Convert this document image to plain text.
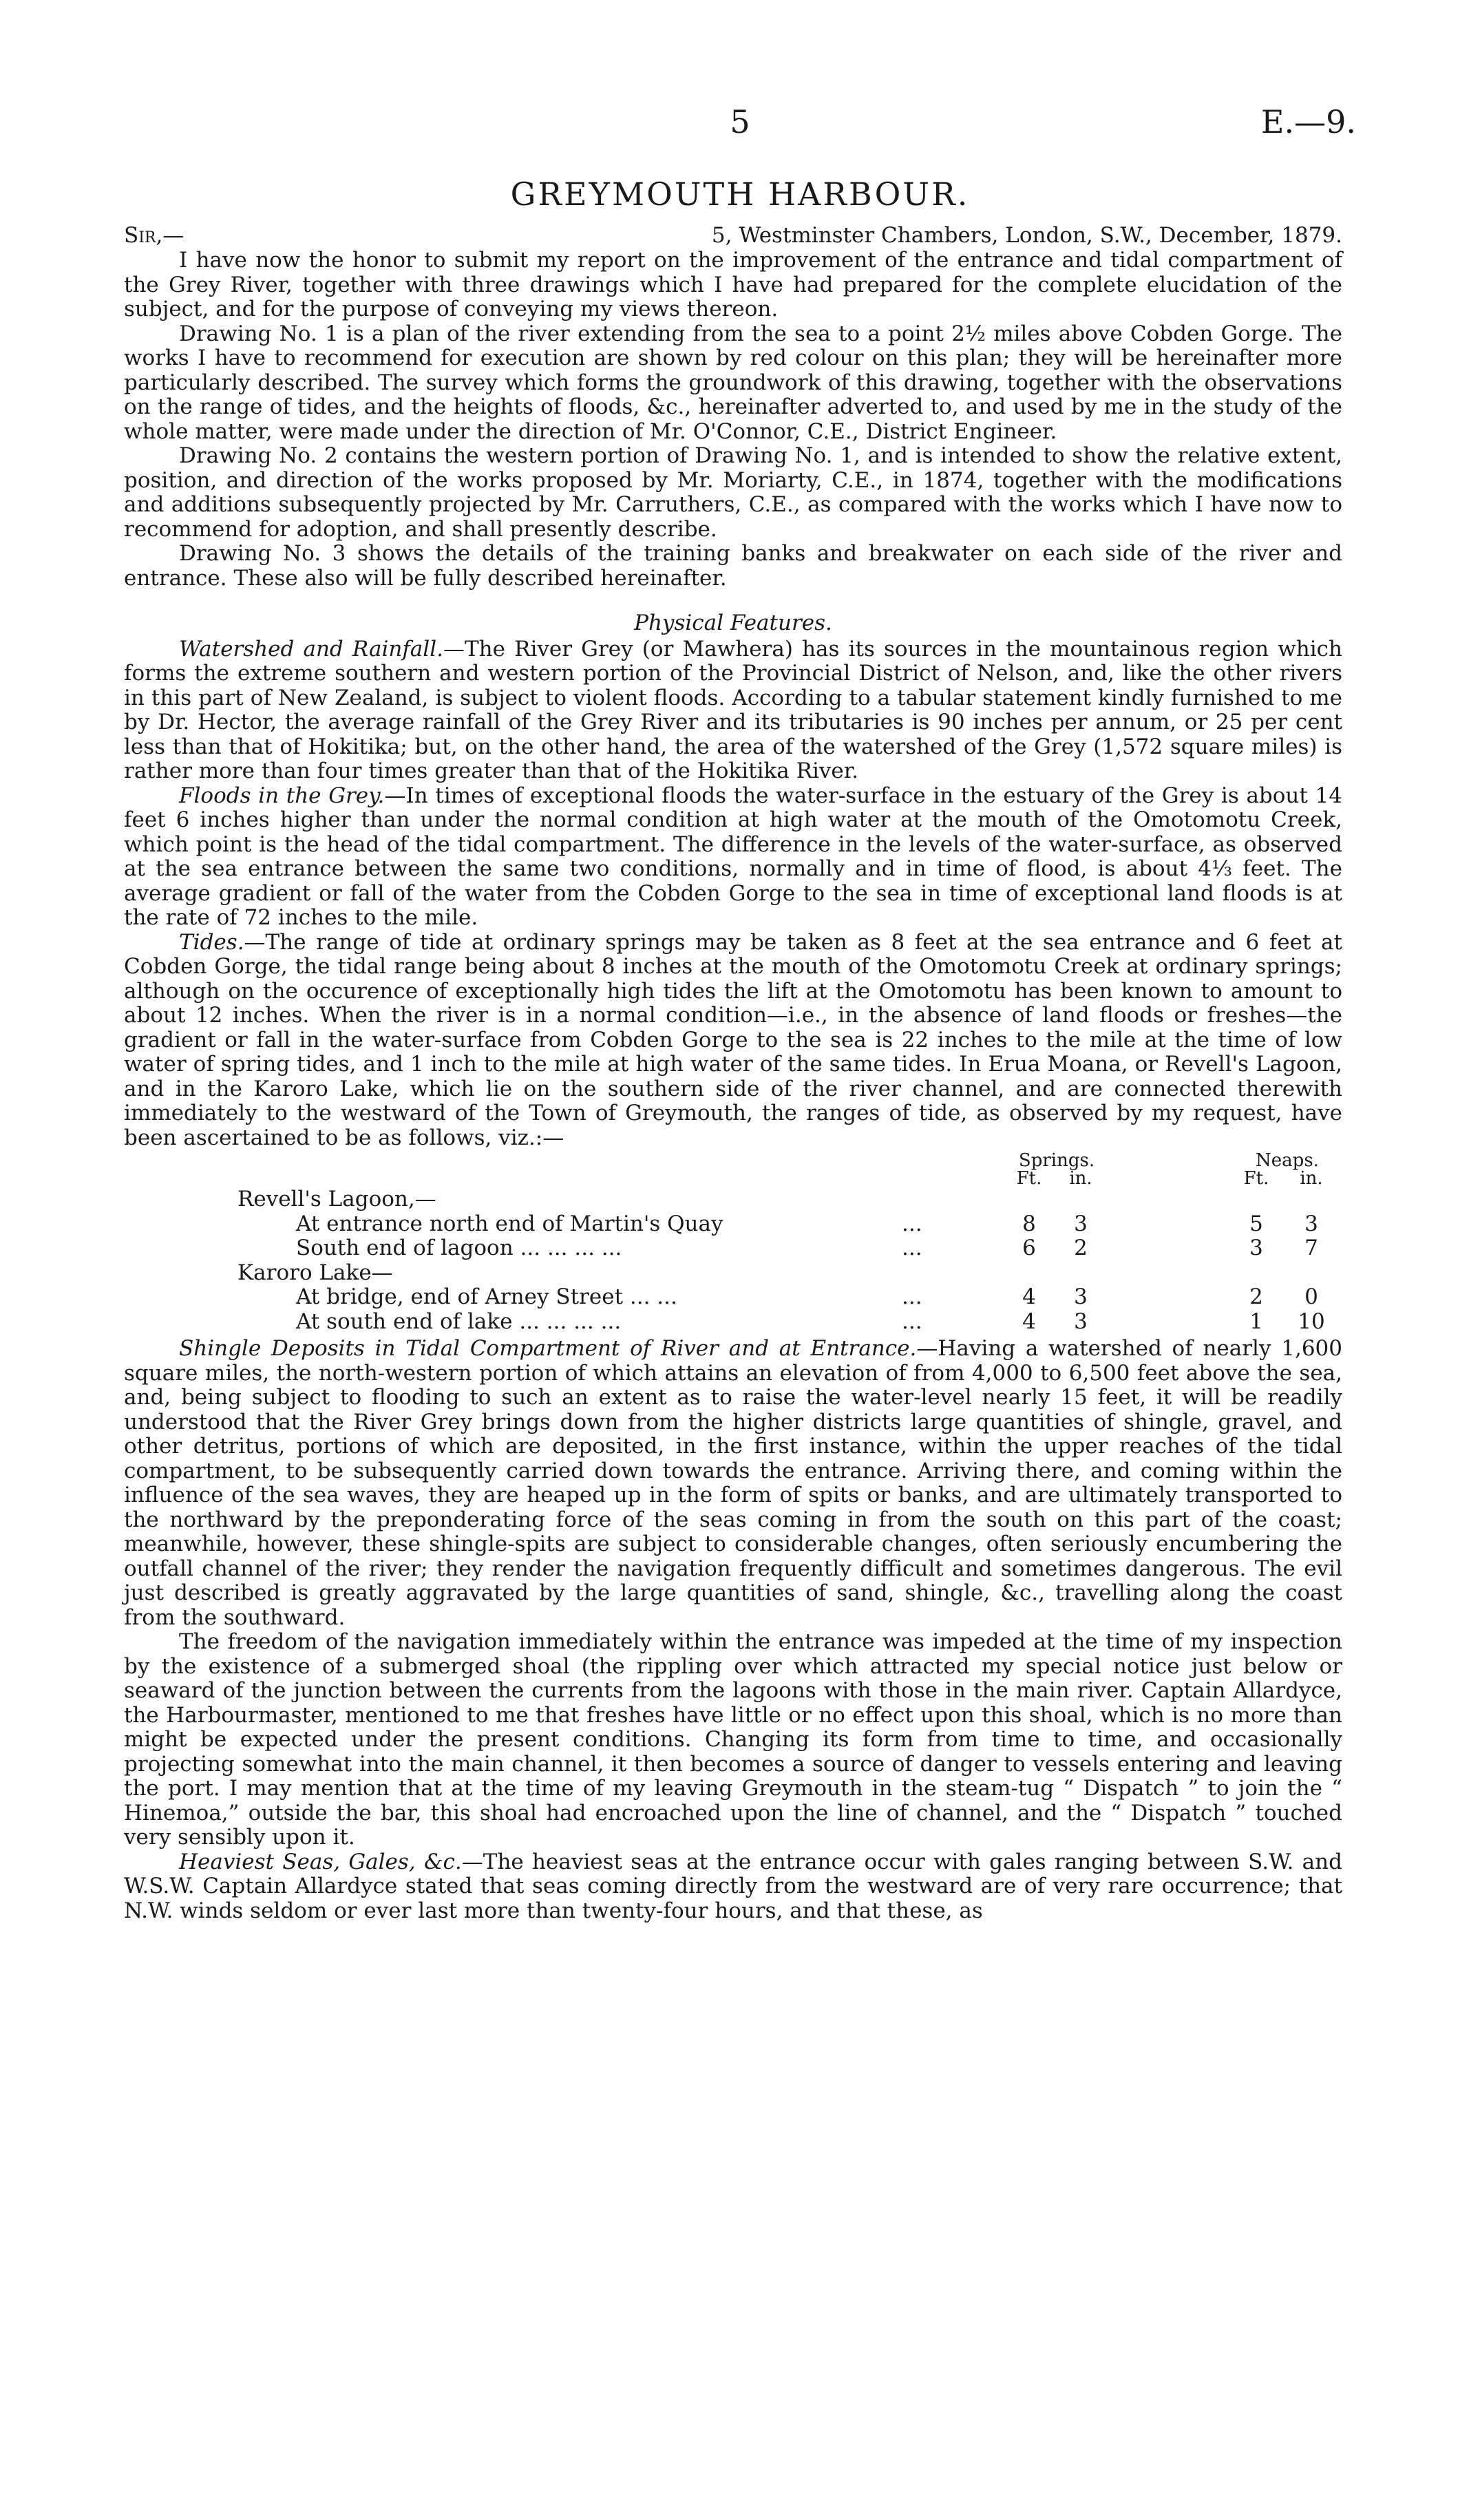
5	E.—9.
GREYMOUTH HARBOUR.
Sir,—	5, Westminster Chambers, London, S.W., December, 1879.

I have now the honor to submit my report on the improvement of the entrance and tidal compartment of the Grey River, together with three drawings which I have had prepared for the complete elucidation of the subject, and for the purpose of conveying my views thereon.

Drawing No. 1 is a plan of the river extending from the sea to a point 2½ miles above Cobden Gorge. The works I have to recommend for execution are shown by red colour on this plan; they will be hereinafter more particularly described. The survey which forms the groundwork of this drawing, together with the observations on the range of tides, and the heights of floods, &c., hereinafter adverted to, and used by me in the study of the whole matter, were made under the direction of Mr. O'Connor, C.E., District Engineer.

Drawing No. 2 contains the western portion of Drawing No. 1, and is intended to show the relative extent, position, and direction of the works proposed by Mr. Moriarty, C.E., in 1874, together with the modifications and additions subsequently projected by Mr. Carruthers, C.E., as compared with the works which I have now to recommend for adoption, and shall presently describe.

Drawing No. 3 shows the details of the training banks and breakwater on each side of the river and entrance. These also will be fully described hereinafter.

Physical Features.

Watershed and Rainfall.—The River Grey (or Mawhera) has its sources in the mountainous region which forms the extreme southern and western portion of the Provincial District of Nelson, and, like the other rivers in this part of New Zealand, is subject to violent floods. According to a tabular statement kindly furnished to me by Dr. Hector, the average rainfall of the Grey River and its tributaries is 90 inches per annum, or 25 per cent less than that of Hokitika; but, on the other hand, the area of the watershed of the Grey (1,572 square miles) is rather more than four times greater than that of the Hokitika River.

Floods in the Grey.—In times of exceptional floods the water-surface in the estuary of the Grey is about 14 feet 6 inches higher than under the normal condition at high water at the mouth of the Omotomotu Creek, which point is the head of the tidal compartment. The difference in the levels of the water-surface, as observed at the sea entrance between the same two conditions, normally and in time of flood, is about 4⅓ feet. The average gradient or fall of the water from the Cobden Gorge to the sea in time of exceptional land floods is at the rate of 72 inches to the mile.

Tides.—The range of tide at ordinary springs may be taken as 8 feet at the sea entrance and 6 feet at Cobden Gorge, the tidal range being about 8 inches at the mouth of the Omotomotu Creek at ordinary springs; although on the occurence of exceptionally high tides the lift at the Omotomotu has been known to amount to about 12 inches. When the river is in a normal condition—i.e., in the absence of land floods or freshes—the gradient or fall in the water-surface from Cobden Gorge to the sea is 22 inches to the mile at the time of low water of spring tides, and 1 inch to the mile at high water of the same tides. In Erua Moana, or Revell's Lagoon, and in the Karoro Lake, which lie on the southern side of the river channel, and are connected therewith immediately to the westward of the Town of Greymouth, the ranges of tide, as observed by my request, have been ascertained to be as follows, viz.:—

		Springs.			Neaps.	
		Ft.	in.		Ft.	in.
Revell's Lagoon,—						
At entrance north end of Martin's Quay	...	8	3		5	3
South end of lagoon ... ... ... ...	...	6	2		3	7
Karoro Lake—						
At bridge, end of Arney Street ... ...	...	4	3		2	0
At south end of lake ... ... ... ...	...	4	3		1	10

Shingle Deposits in Tidal Compartment of River and at Entrance.—Having a watershed of nearly 1,600 square miles, the north-western portion of which attains an elevation of from 4,000 to 6,500 feet above the sea, and, being subject to flooding to such an extent as to raise the water-level nearly 15 feet, it will be readily understood that the River Grey brings down from the higher districts large quantities of shingle, gravel, and other detritus, portions of which are deposited, in the first instance, within the upper reaches of the tidal compartment, to be subsequently carried down towards the entrance. Arriving there, and coming within the influence of the sea waves, they are heaped up in the form of spits or banks, and are ultimately transported to the northward by the preponderating force of the seas coming in from the south on this part of the coast; meanwhile, however, these shingle-spits are subject to considerable changes, often seriously encumbering the outfall channel of the river; they render the navigation frequently difficult and sometimes dangerous. The evil just described is greatly aggravated by the large quantities of sand, shingle, &c., travelling along the coast from the southward.

The freedom of the navigation immediately within the entrance was impeded at the time of my inspection by the existence of a submerged shoal (the rippling over which attracted my special notice just below or seaward of the junction between the currents from the lagoons with those in the main river. Captain Allardyce, the Harbourmaster, mentioned to me that freshes have little or no effect upon this shoal, which is no more than might be expected under the present conditions. Changing its form from time to time, and occasionally projecting somewhat into the main channel, it then becomes a source of danger to vessels entering and leaving the port. I may mention that at the time of my leaving Greymouth in the steam-tug “ Dispatch ” to join the “ Hinemoa,” outside the bar, this shoal had encroached upon the line of channel, and the “ Dispatch ” touched very sensibly upon it.

Heaviest Seas, Gales, &c.—The heaviest seas at the entrance occur with gales ranging between S.W. and W.S.W. Captain Allardyce stated that seas coming directly from the westward are of very rare occurrence; that N.W. winds seldom or ever last more than twenty-four hours, and that these, as
